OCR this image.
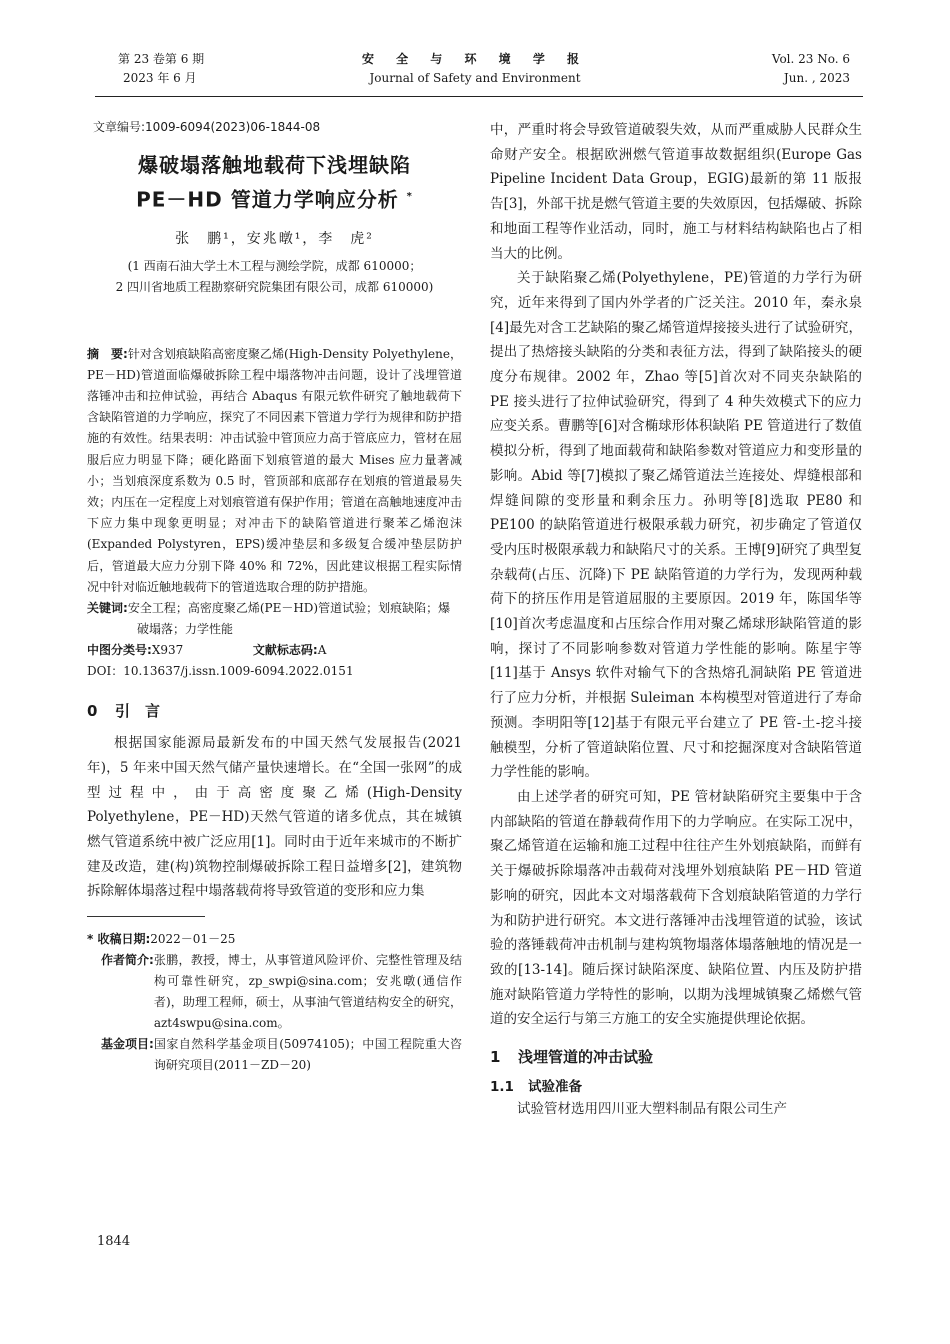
第 23 卷第 6 期
2023 年 6 月
安 全 与 环 境 学 报
Journal of Safety and Environment
Vol. 23 No. 6
Jun. , 2023
文章编号:1009-6094(2023)06-1844-08
爆破塌落触地载荷下浅埋缺陷
PE－HD 管道力学响应分析 *
张　鹏¹，安兆暾¹，李　虎²
(1 西南石油大学土木工程与测绘学院，成都 610000；
2 四川省地质工程勘察研究院集团有限公司，成都 610000)
摘　要:针对含划痕缺陷高密度聚乙烯(High-Density Polyethylene，PE－HD)管道面临爆破拆除工程中塌落物冲击问题，设计了浅埋管道落锤冲击和拉伸试验，再结合 Abaqus 有限元软件研究了触地载荷下含缺陷管道的力学响应，探究了不同因素下管道力学行为规律和防护措施的有效性。结果表明：冲击试验中管顶应力高于管底应力，管材在屈服后应力明显下降；硬化路面下划痕管道的最大 Mises 应力量著减小；当划痕深度系数为 0.5 时，管顶部和底部存在划痕的管道最易失效；内压在一定程度上对划痕管道有保护作用；管道在高触地速度冲击下应力集中现象更明显；对冲击下的缺陷管道进行聚苯乙烯泡沫(Expanded Polystyren，EPS)缓冲垫层和多级复合缓冲垫层防护后，管道最大应力分别下降 40% 和 72%，因此建议根据工程实际情况中针对临近触地载荷下的管道选取合理的防护措施。
关键词:安全工程；高密度聚乙烯(PE－HD)管道试验；划痕缺陷；爆破塌落；力学性能
中图分类号:X937	文献标志码:A
DOI：10.13637/j.issn.1009-6094.2022.0151
0 引　言

根据国家能源局最新发布的中国天然气发展报告(2021 年)，5 年来中国天然气储产量快速增长。在“全国一张网”的成型过程中，由于高密度聚乙烯(High-Density Polyethylene，PE－HD)天然气管道的诸多优点，其在城镇燃气管道系统中被广泛应用[1]。同时由于近年来城市的不断扩建及改造，建(构)筑物控制爆破拆除工程日益增多[2]，建筑物拆除解体塌落过程中塌落载荷将导致管道的变形和应力集

* 收稿日期: 2022－01－25
作者简介: 张鹏，教授，博士，从事管道风险评价、完整性管理及结构可靠性研究，zp_swpi@sina.com；安兆暾(通信作者)，助理工程师，硕士，从事油气管道结构安全的研究，azt4swpu@sina.com。
基金项目: 国家自然科学基金项目(50974105)；中国工程院重大咨询研究项目(2011－ZD－20)
1844

中，严重时将会导致管道破裂失效，从而严重威胁人民群众生命财产安全。根据欧洲燃气管道事故数据组织(Europe Gas Pipeline Incident Data Group，EGIG)最新的第 11 版报告[3]，外部干扰是燃气管道主要的失效原因，包括爆破、拆除和地面工程等作业活动，同时，施工与材料结构缺陷也占了相当大的比例。

关于缺陷聚乙烯(Polyethylene，PE)管道的力学行为研究，近年来得到了国内外学者的广泛关注。2010 年，秦永泉[4]最先对含工艺缺陷的聚乙烯管道焊接接头进行了试验研究，提出了热熔接头缺陷的分类和表征方法，得到了缺陷接头的硬度分布规律。2002 年，Zhao 等[5]首次对不同夹杂缺陷的 PE 接头进行了拉伸试验研究，得到了 4 种失效模式下的应力应变关系。曹鹏等[6]对含椭球形体积缺陷 PE 管道进行了数值模拟分析，得到了地面载荷和缺陷参数对管道应力和变形量的影响。Abid 等[7]模拟了聚乙烯管道法兰连接处、焊缝根部和焊缝间隙的变形量和剩余压力。孙明等[8]选取 PE80 和 PE100 的缺陷管道进行极限承载力研究，初步确定了管道仅受内压时极限承载力和缺陷尺寸的关系。王博[9]研究了典型复杂载荷(占压、沉降)下 PE 缺陷管道的力学行为，发现两种载荷下的挤压作用是管道屈服的主要原因。2019 年，陈国华等[10]首次考虑温度和占压综合作用对聚乙烯球形缺陷管道的影响，探讨了不同影响参数对管道力学性能的影响。陈星宇等[11]基于 Ansys 软件对输气下的含热熔孔洞缺陷 PE 管道进行了应力分析，并根据 Suleiman 本构模型对管道进行了寿命预测。李明阳等[12]基于有限元平台建立了 PE 管-土-挖斗接触模型，分析了管道缺陷位置、尺寸和挖掘深度对含缺陷管道力学性能的影响。

由上述学者的研究可知，PE 管材缺陷研究主要集中于含内部缺陷的管道在静载荷作用下的力学响应。在实际工况中，聚乙烯管道在运输和施工过程中往往产生外划痕缺陷，而鲜有关于爆破拆除塌落冲击载荷对浅埋外划痕缺陷 PE－HD 管道影响的研究，因此本文对塌落载荷下含划痕缺陷管道的力学行为和防护进行研究。本文进行落锤冲击浅埋管道的试验，该试验的落锤载荷冲击机制与建构筑物塌落体塌落触地的情况是一致的[13-14]。随后探讨缺陷深度、缺陷位置、内压及防护措施对缺陷管道力学特性的影响，以期为浅埋城镇聚乙烯燃气管道的安全运行与第三方施工的安全实施提供理论依据。

1 浅埋管道的冲击试验
1.1 试验准备

试验管材选用四川亚大塑料制品有限公司生产
